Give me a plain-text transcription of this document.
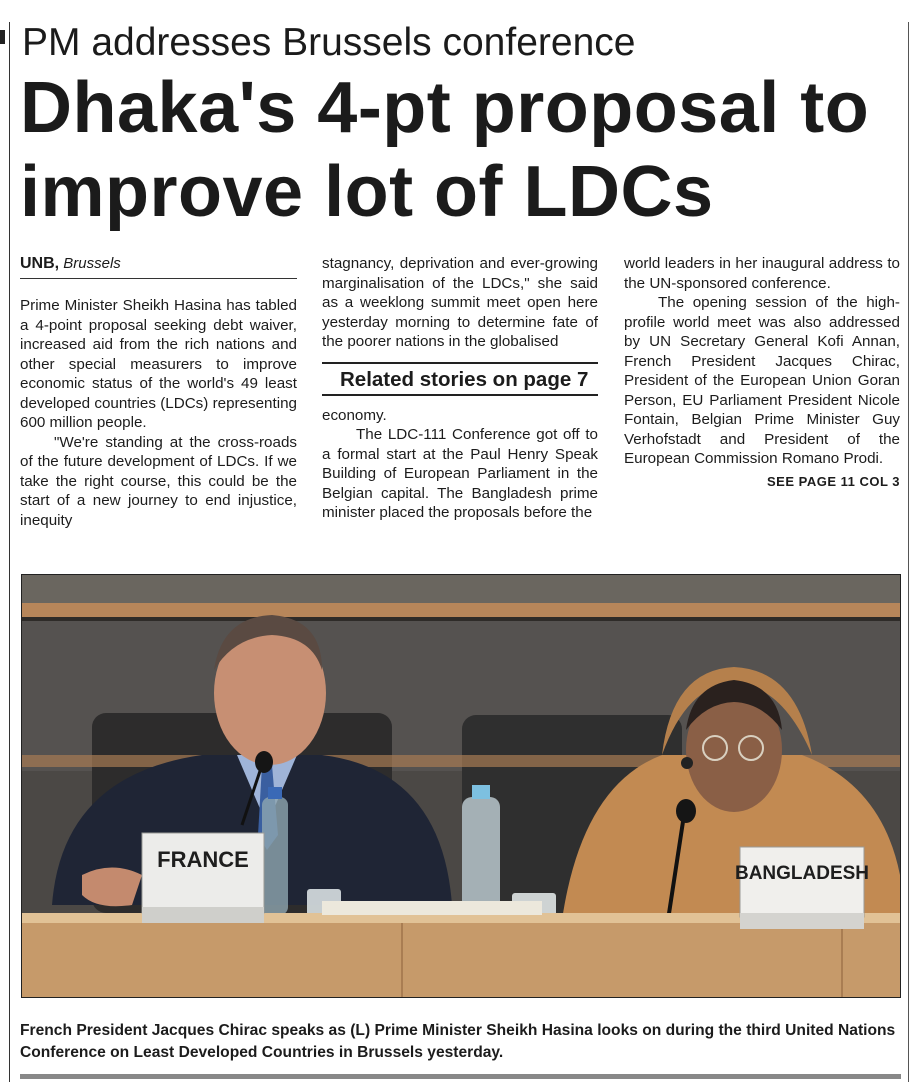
PM addresses Brussels conference
Dhaka's 4-pt proposal to
improve lot of LDCs
UNB, Brussels

Prime Minister Sheikh Hasina has tabled a 4-point proposal seeking debt waiver, increased aid from the rich nations and other special measurers to improve economic status of the world's 49 least developed countries (LDCs) representing 600 million people.

"We're standing at the cross-roads of the future development of LDCs. If we take the right course, this could be the start of a new journey to end injustice, inequity

stagnancy, deprivation and ever-growing marginalisation of the LDCs," she said as a weeklong summit meet open here yesterday morning to determine fate of the poorer nations in the globalised

Related stories on page 7

economy.

The LDC-111 Conference got off to a formal start at the Paul Henry Speak Building of European Parliament in the Belgian capital. The Bangladesh prime minister placed the proposals before the

world leaders in her inaugural address to the UN-sponsored conference.

The opening session of the high-profile world meet was also addressed by UN Secretary General Kofi Annan, French President Jacques Chirac, President of the European Union Goran Person, EU Parliament President Nicole Fontain, Belgian Prime Minister Guy Verhofstadt and President of the European Commission Romano Prodi.

SEE PAGE 11 COL 3
FRANCE
BANGLADESH
French President Jacques Chirac speaks as (L) Prime Minister Sheikh Hasina looks on during the third United Nations Conference on Least Developed Countries in Brussels yesterday.
